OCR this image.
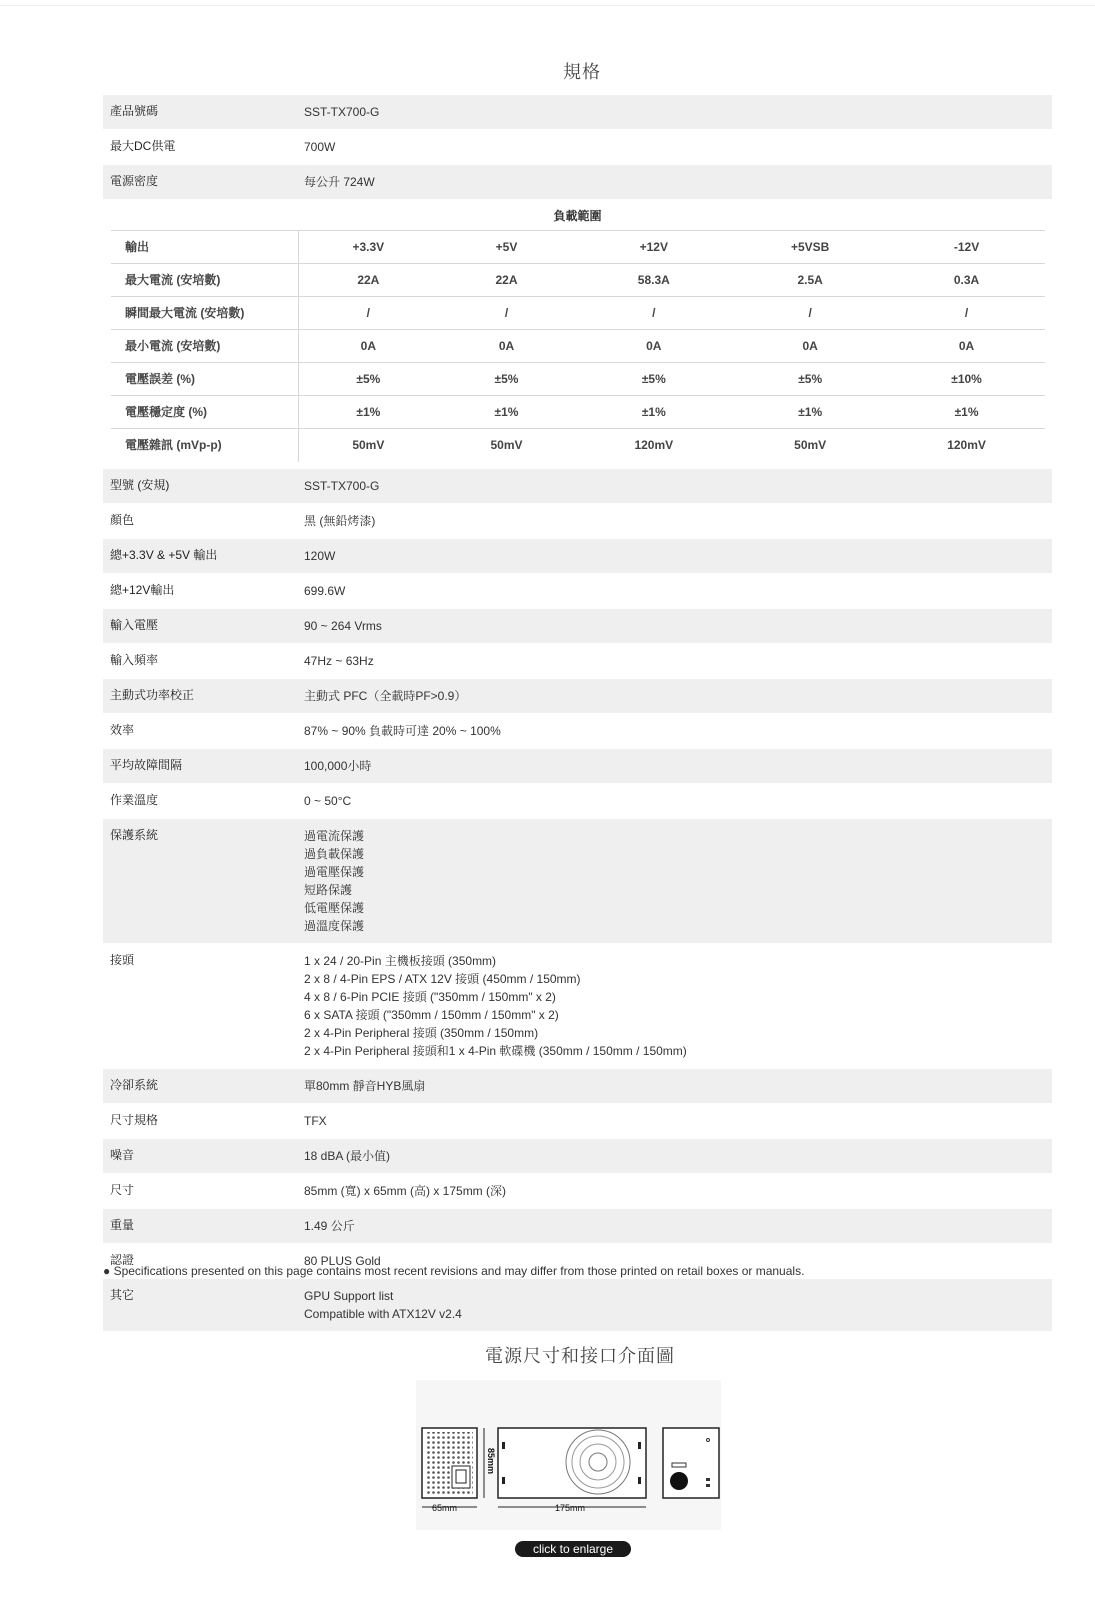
規格
產品號碼	SST-TX700-G

最大DC供電	700W

電源密度	每公升 724W

負載範圍
輸出	+3.3V	+5V	+12V	+5VSB	-12V
最大電流 (安培數)	22A	22A	58.3A	2.5A	0.3A
瞬間最大電流 (安培數)	/	/	/	/	/
最小電流 (安培數)	0A	0A	0A	0A	0A
電壓誤差 (%)	±5%	±5%	±5%	±5%	±10%
電壓穩定度 (%)	±1%	±1%	±1%	±1%	±1%
電壓雜訊 (mVp-p)	50mV	50mV	120mV	50mV	120mV

型號 (安規)	SST-TX700-G

顏色	黑 (無鉛烤漆)

總+3.3V & +5V 輸出	120W

總+12V輸出	699.6W

輸入電壓	90 ~ 264 Vrms

輸入頻率	47Hz ~ 63Hz

主動式功率校正	主動式 PFC（全載時PF>0.9）

效率	87% ~ 90% 負載時可達 20% ~ 100%

平均故障間隔	100,000小時

作業溫度	0 ~ 50°C

保護系統	過電流保護
過負載保護
過電壓保護
短路保護
低電壓保護
過溫度保護

接頭	1 x 24 / 20-Pin 主機板接頭 (350mm)
2 x 8 / 4-Pin EPS / ATX 12V 接頭 (450mm / 150mm)
4 x 8 / 6-Pin PCIE 接頭 ("350mm / 150mm" x 2)
6 x SATA 接頭 ("350mm / 150mm / 150mm" x 2)
2 x 4-Pin Peripheral 接頭 (350mm / 150mm)
2 x 4-Pin Peripheral 接頭和1 x 4-Pin 軟碟機 (350mm / 150mm / 150mm)

冷卻系統	單80mm 靜音HYB風扇

尺寸規格	TFX

噪音	18 dBA (最小值)

尺寸	85mm (寬) x 65mm (高) x 175mm (深)

重量	1.49 公斤

認證	80 PLUS Gold

其它	GPU Support list
Compatible with ATX12V v2.4
● Specifications presented on this page contains most recent revisions and may differ from those printed on retail boxes or manuals.
電源尺寸和接口介面圖
65mm	175mm
85mm
click to enlarge
